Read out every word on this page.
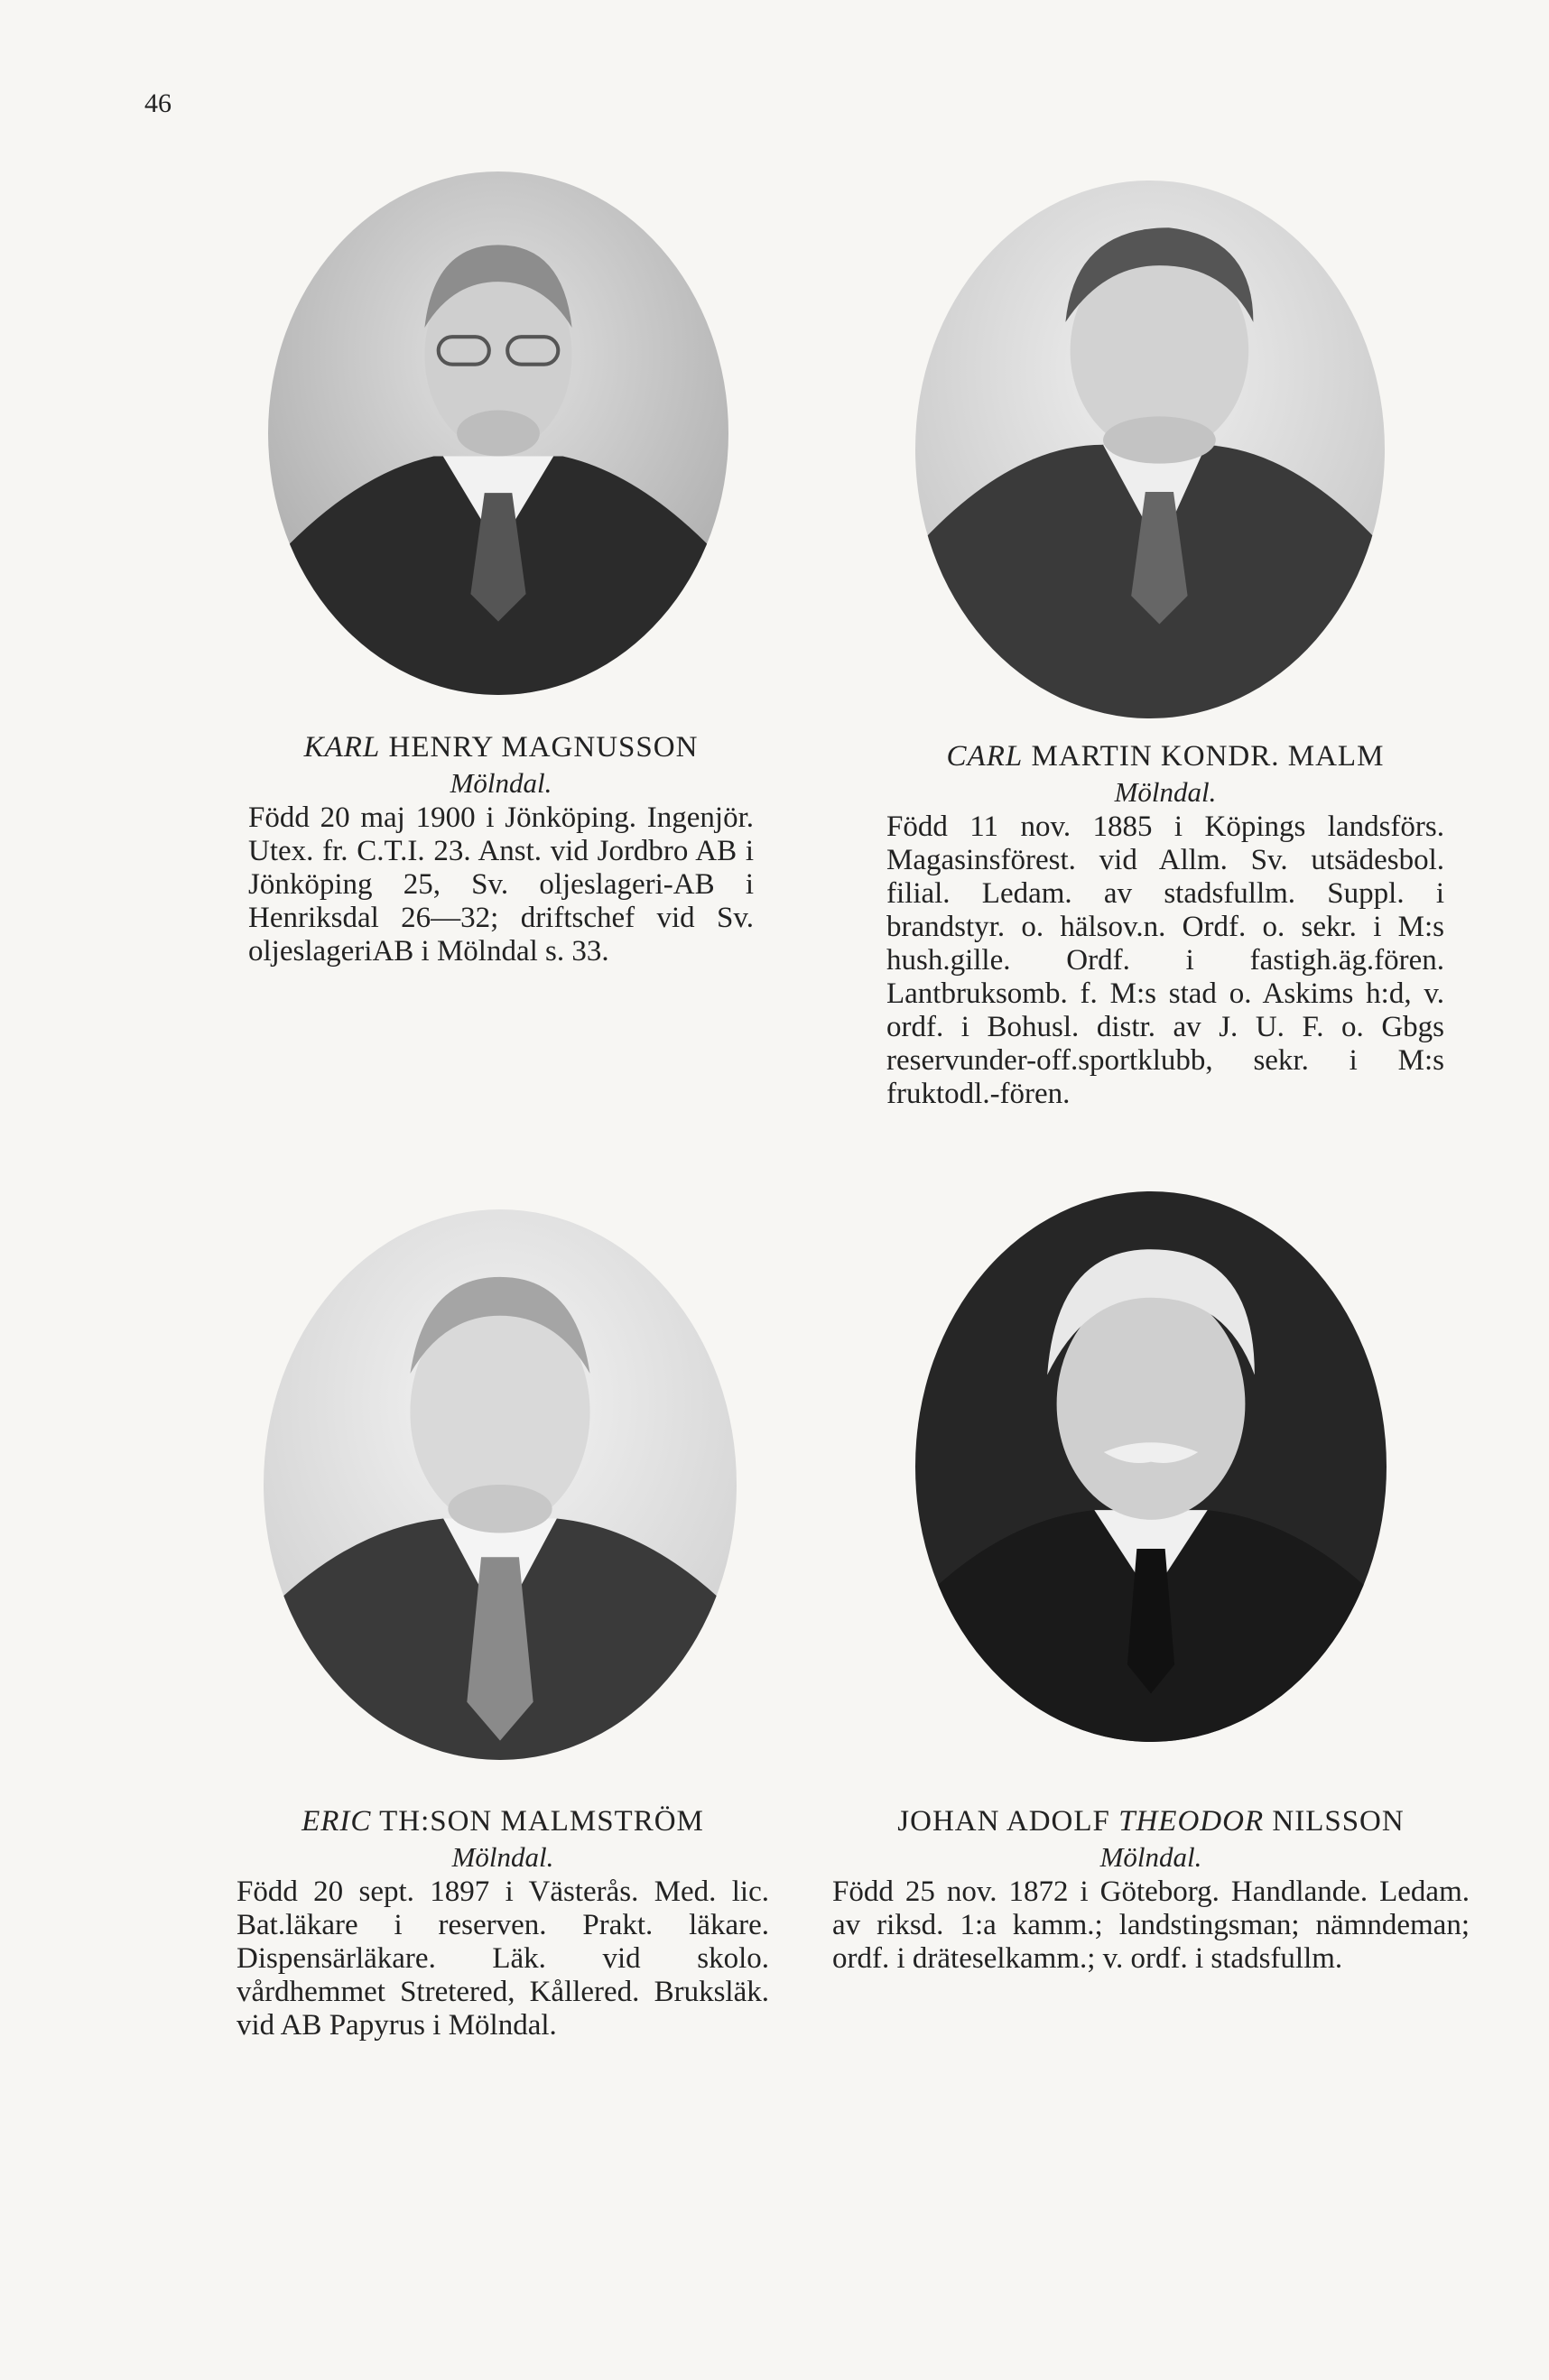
46
KARL HENRY MAGNUSSON
Mölndal.
Född 20 maj 1900 i Jönköping. Ingenjör. Utex. fr. C.T.I. 23. Anst. vid Jordbro AB i Jönköping 25, Sv. oljeslageri-AB i Henriksdal 26—32; driftschef vid Sv. oljeslageriAB i Mölndal s. 33.
CARL MARTIN KONDR. MALM
Mölndal.
Född 11 nov. 1885 i Köpings landsförs. Magasinsförest. vid Allm. Sv. utsädesbol. filial. Ledam. av stadsfullm. Suppl. i brandstyr. o. hälsov.n. Ordf. o. sekr. i M:s hush.gille. Ordf. i fastigh.äg.fören. Lantbruksomb. f. M:s stad o. Askims h:d, v. ordf. i Bohusl. distr. av J. U. F. o. Gbgs reservunder-off.sportklubb, sekr. i M:s fruktodl.-fören.
ERIC TH:SON MALMSTRÖM
Mölndal.
Född 20 sept. 1897 i Västerås. Med. lic. Bat.läkare i reserven. Prakt. läkare. Dispensärläkare. Läk. vid skolo. vårdhemmet Stretered, Kållered. Bruksläk. vid AB Papyrus i Mölndal.
JOHAN ADOLF THEODOR NILSSON
Mölndal.
Född 25 nov. 1872 i Göteborg. Handlande. Ledam. av riksd. 1:a kamm.; landstingsman; nämndeman; ordf. i dräteselkamm.; v. ordf. i stadsfullm.
